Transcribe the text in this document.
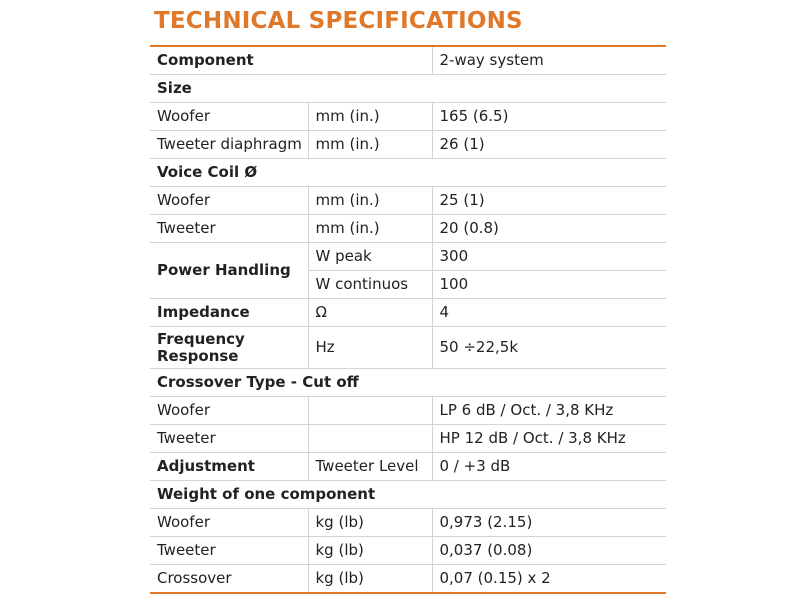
TECHNICAL SPECIFICATIONS
Component		2-way system
Size		
Woofer	mm (in.)	165 (6.5)
Tweeter diaphragm	mm (in.)	26 (1)
Voice Coil Ø		
Woofer	mm (in.)	25 (1)
Tweeter	mm (in.)	20 (0.8)
Power Handling	W peak	300
	W continuos	100
Impedance	Ω	4
Frequency Response	Hz	50 ÷22,5k
Crossover Type - Cut off		
Woofer		LP 6 dB / Oct. / 3,8 KHz
Tweeter		HP 12 dB / Oct. / 3,8 KHz
Adjustment	Tweeter Level	0 / +3 dB
Weight of one component		
Woofer	kg (lb)	0,973 (2.15)
Tweeter	kg (lb)	0,037 (0.08)
Crossover	kg (lb)	0,07 (0.15) x 2
